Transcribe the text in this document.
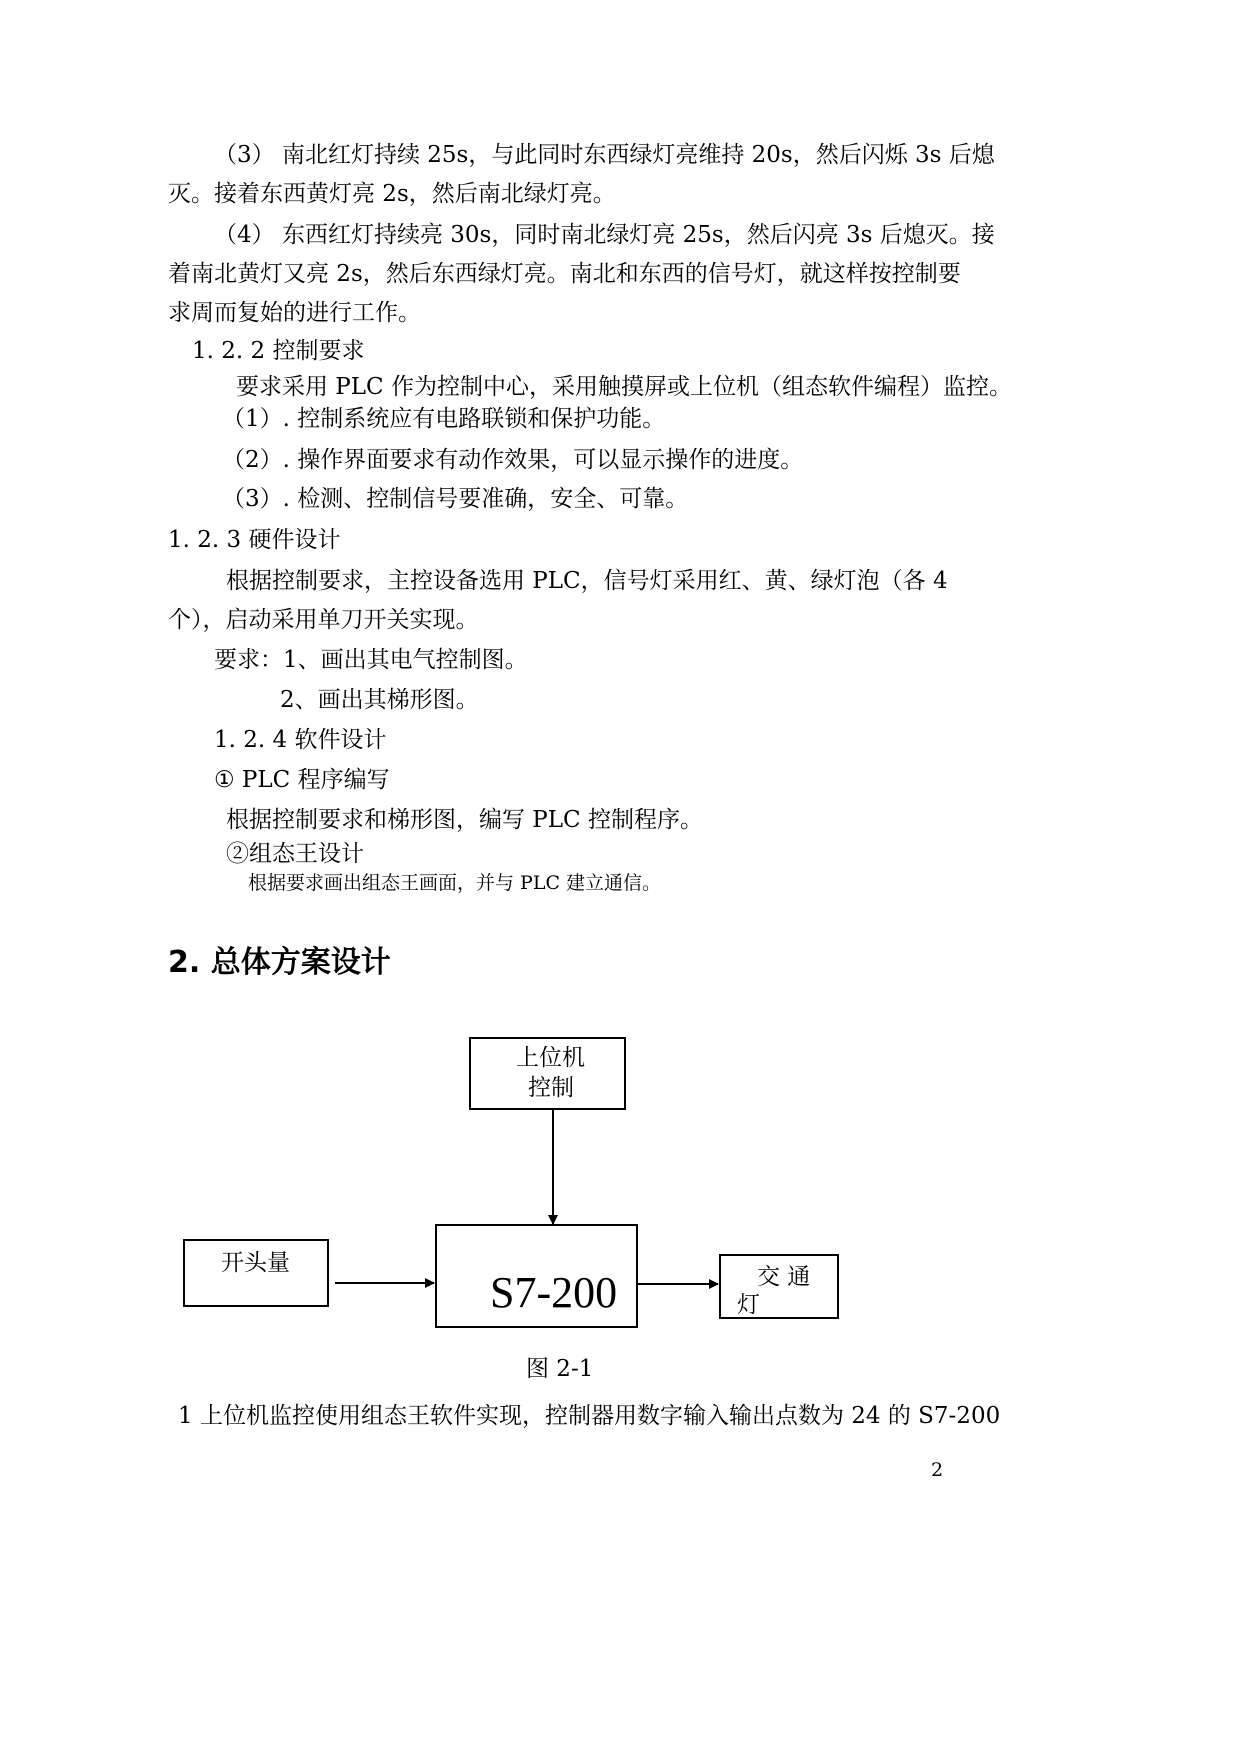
（3） 南北红灯持续 25s，与此同时东西绿灯亮维持 20s，然后闪烁 3s 后熄
灭。接着东西黄灯亮 2s，然后南北绿灯亮。
（4） 东西红灯持续亮 30s，同时南北绿灯亮 25s，然后闪亮 3s 后熄灭。接
着南北黄灯又亮 2s，然后东西绿灯亮。南北和东西的信号灯，就这样按控制要
求周而复始的进行工作。
1. 2. 2 控制要求
要求采用 PLC 作为控制中心，采用触摸屏或上位机（组态软件编程）监控。
（1）. 控制系统应有电路联锁和保护功能。
（2）. 操作界面要求有动作效果，可以显示操作的进度。
（3）. 检测、控制信号要准确，安全、可靠。
1. 2. 3 硬件设计
根据控制要求，主控设备选用 PLC，信号灯采用红、黄、绿灯泡（各 4
个），启动采用单刀开关实现。
要求：1、画出其电气控制图。
2、画出其梯形图。
1. 2. 4 软件设计
① PLC 程序编写
根据控制要求和梯形图，编写 PLC 控制程序。
②组态王设计
根据要求画出组态王画面，并与 PLC 建立通信。
2. 总体方案设计
上位机
控制
开头量
S7-200	交 通
灯
图 2-1
1 上位机监控使用组态王软件实现，控制器用数字输入输出点数为 24 的 S7-200
2
